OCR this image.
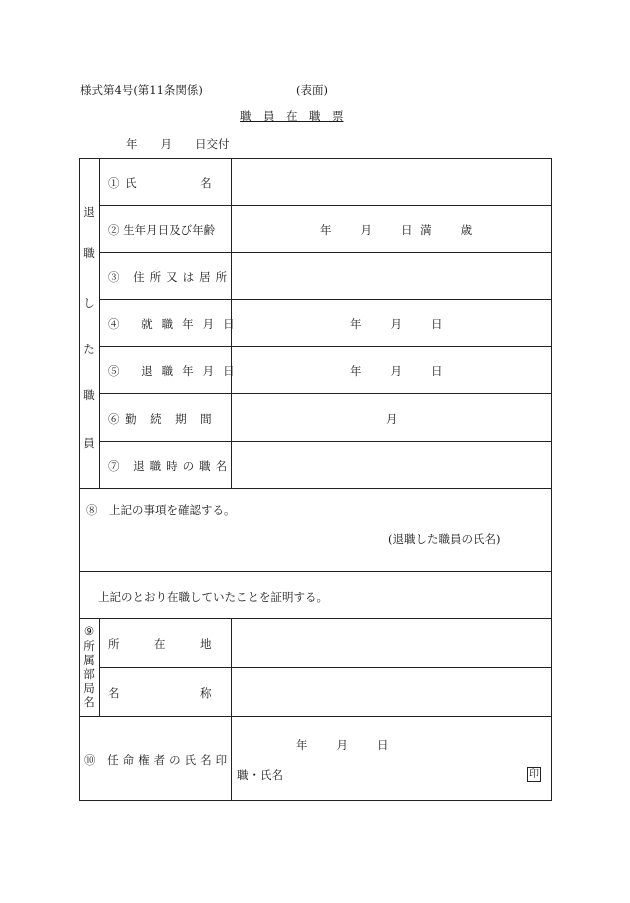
様式第4号(第11条関係)	(表面)
職　員　在　職　票
年　　月　　日交付
退
職
し
た
職
員
① 氏　　　　　名
② 生年月日及び年齢
③ 住所又は居所
④ 就職年月日
⑤ 退職年月日
⑥ 勤　続　期　間
⑦ 退職時の職名
年　　月　　日 満　　歳
年　　月　　日
年　　月　　日
月
⑧　上記の事項を確認する。
(退職した職員の氏名)
上記のとおり在職していたことを証明する。
⑨
所
属
部
局
名
所　　　在　　　地
名　　　　　　　称
⑩ 任命権者の氏名印
年　　月　　日
職・氏名	印
